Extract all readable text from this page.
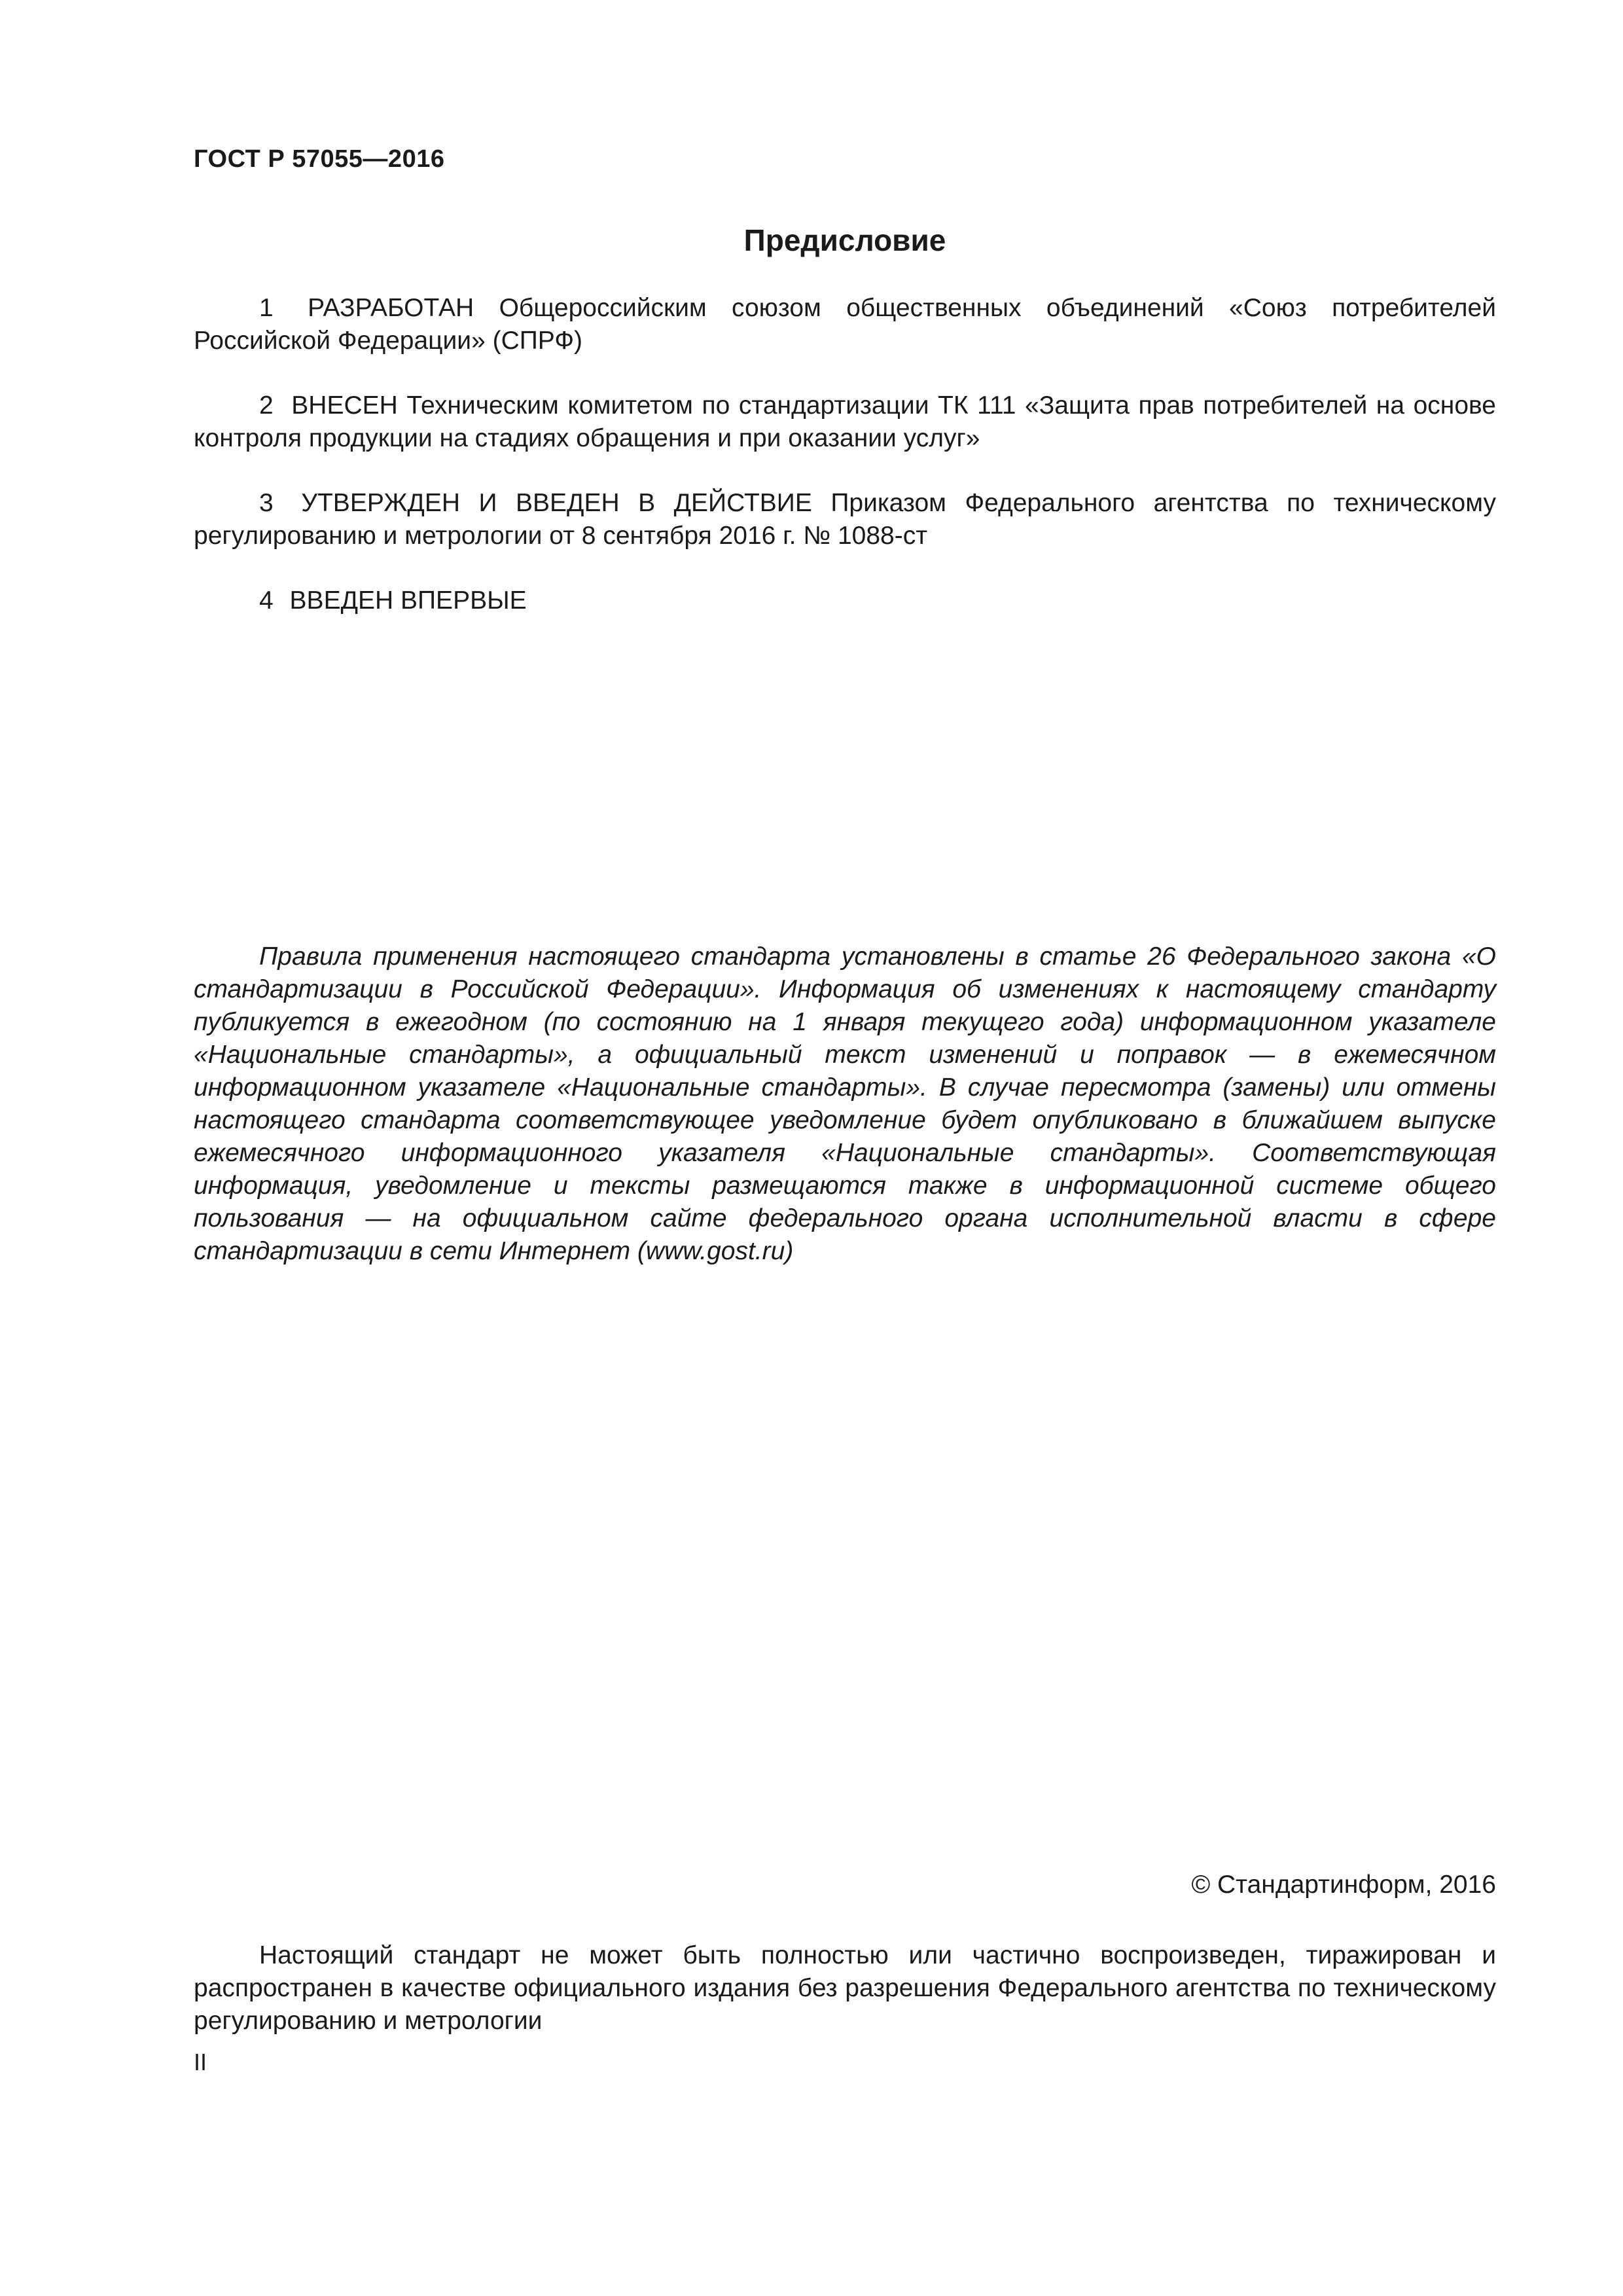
ГОСТ Р 57055—2016
Предисловие
1 РАЗРАБОТАН Общероссийским союзом общественных объединений «Союз потребителей Российской Федерации» (СПРФ)
2 ВНЕСЕН Техническим комитетом по стандартизации ТК 111 «Защита прав потребителей на основе контроля продукции на стадиях обращения и при оказании услуг»
3 УТВЕРЖДЕН И ВВЕДЕН В ДЕЙСТВИЕ Приказом Федерального агентства по техническому регулированию и метрологии от 8 сентября 2016 г. № 1088-ст
4 ВВЕДЕН ВПЕРВЫЕ
Правила применения настоящего стандарта установлены в статье 26 Федерального закона «О стандартизации в Российской Федерации». Информация об изменениях к настоящему стандарту публикуется в ежегодном (по состоянию на 1 января текущего года) информационном указателе «Национальные стандарты», а официальный текст изменений и поправок — в ежемесячном информационном указателе «Национальные стандарты». В случае пересмотра (замены) или отмены настоящего стандарта соответствующее уведомление будет опубликовано в ближайшем выпуске ежемесячного информационного указателя «Национальные стандарты». Соответствующая информация, уведомление и тексты размещаются также в информационной системе общего пользования — на официальном сайте федерального органа исполнительной власти в сфере стандартизации в сети Интернет (www.gost.ru)
© Стандартинформ, 2016
Настоящий стандарт не может быть полностью или частично воспроизведен, тиражирован и распространен в качестве официального издания без разрешения Федерального агентства по техническому регулированию и метрологии
II
